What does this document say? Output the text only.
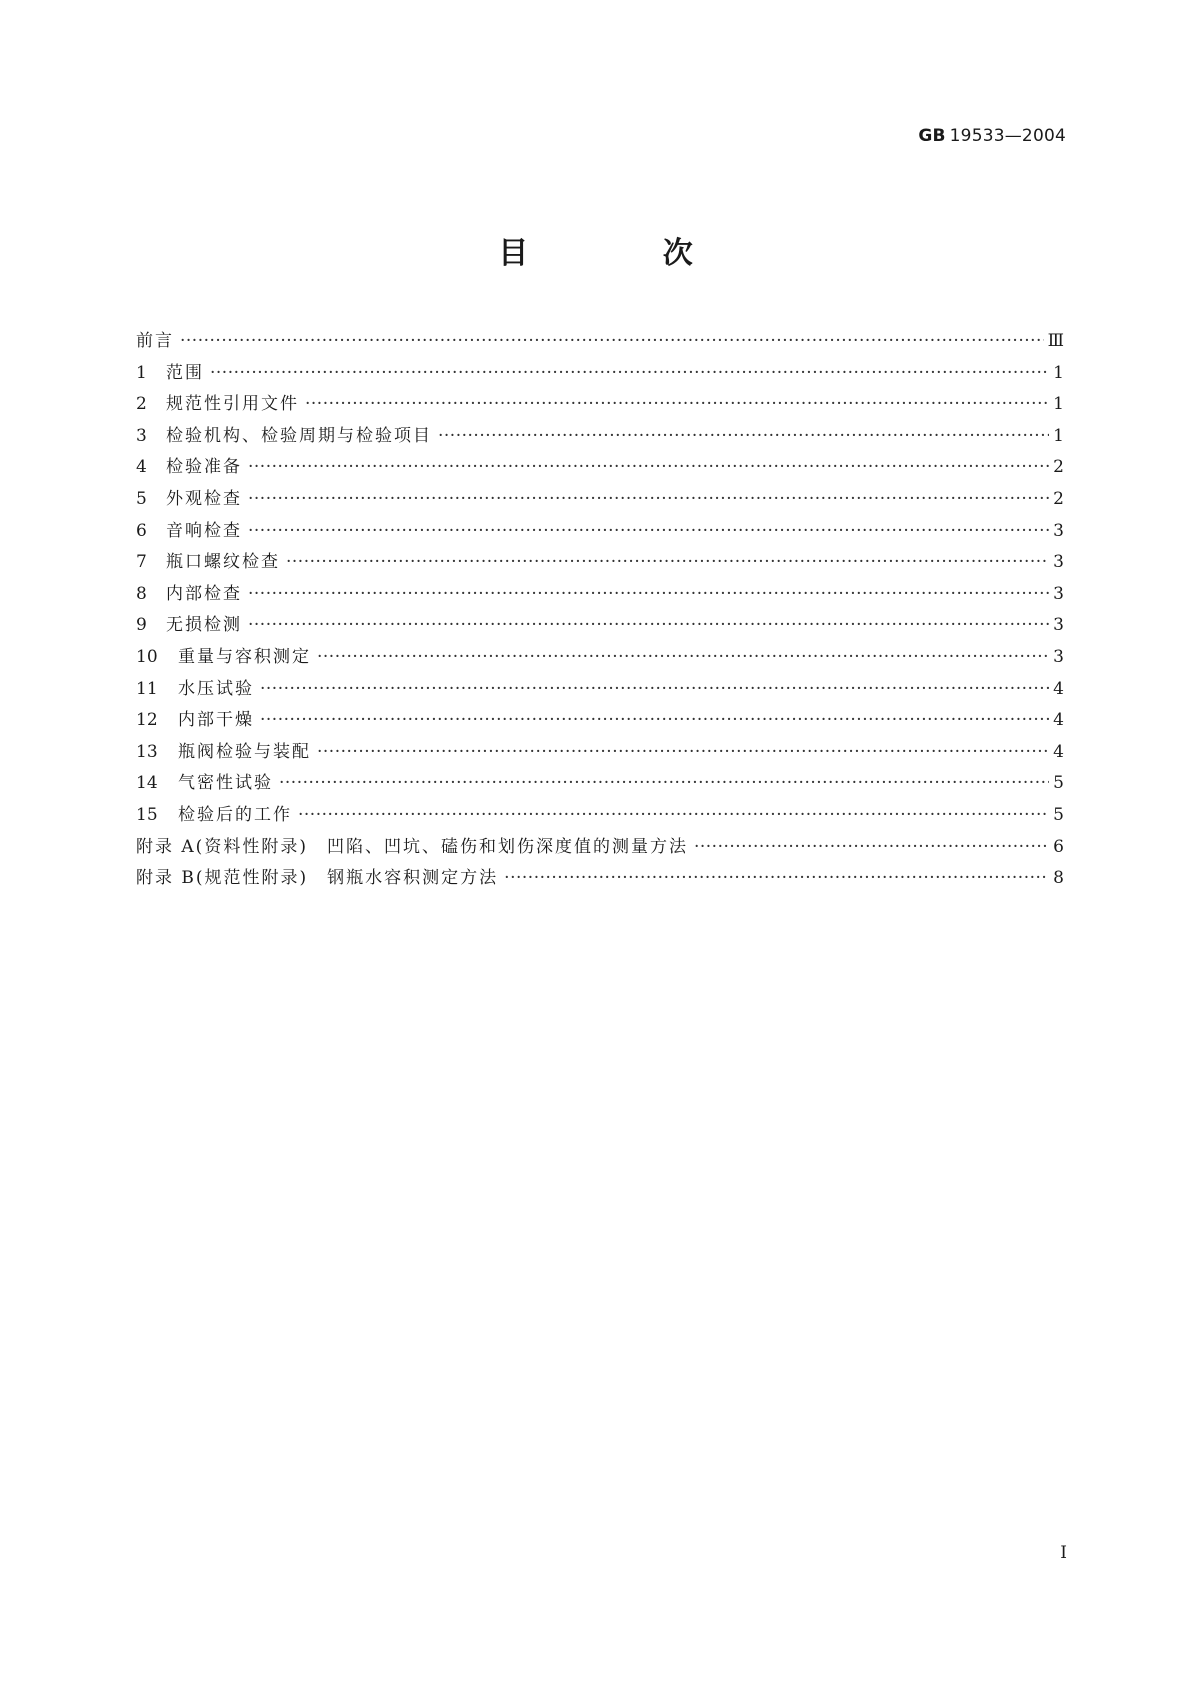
GB 19533—2004
目 次
前言 ·····	Ⅲ
1	范围 ·····	1
2	规范性引用文件 ·····	1
3	检验机构、检验周期与检验项目 ·····	1
4	检验准备 ·····	2
5	外观检查 ·····	2
6	音响检查 ·····	3
7	瓶口螺纹检查 ·····	3
8	内部检查 ·····	3
9	无损检测 ·····	3
10	重量与容积测定 ·····	3
11	水压试验 ·····	4
12	内部干燥 ·····	4
13	瓶阀检验与装配 ·····	4
14	气密性试验 ·····	5
15	检验后的工作 ·····	5
附录 A(资料性附录)　凹陷、凹坑、磕伤和划伤深度值的测量方法 ·····	6
附录 B(规范性附录)　钢瓶水容积测定方法 ·····	8
Ⅰ
